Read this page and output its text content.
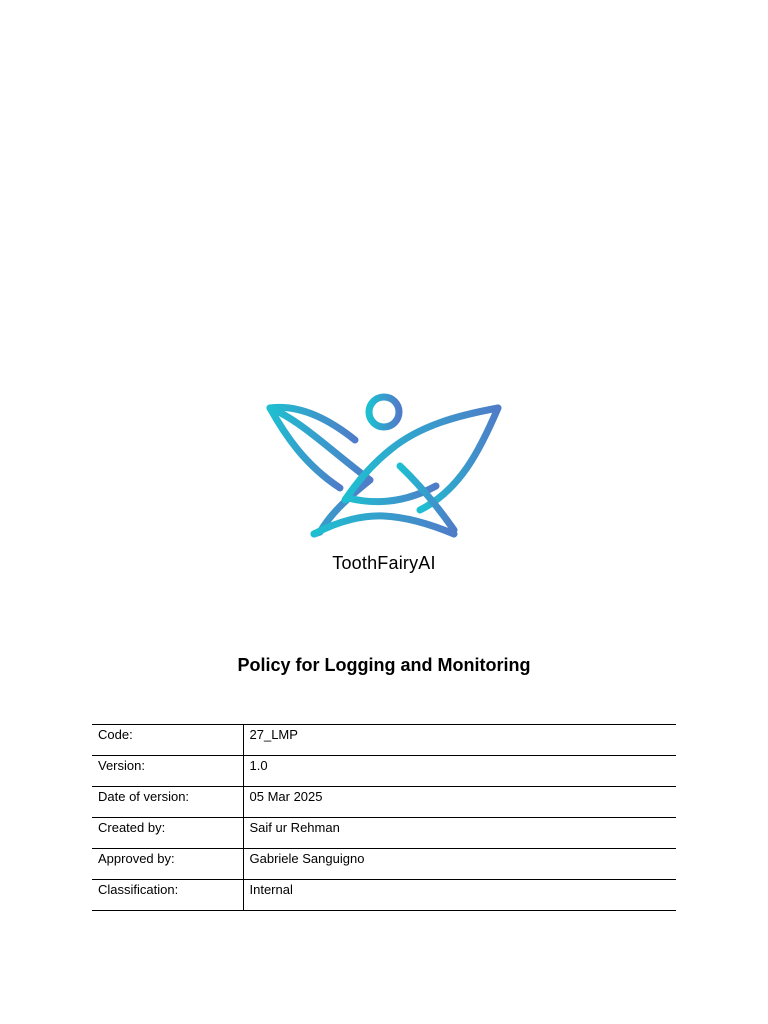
ToothFairyAI
Policy for Logging and Monitoring
Code:	27_LMP
Version:	1.0
Date of version:	05 Mar 2025
Created by:	Saif ur Rehman
Approved by:	Gabriele Sanguigno
Classification:	Internal
